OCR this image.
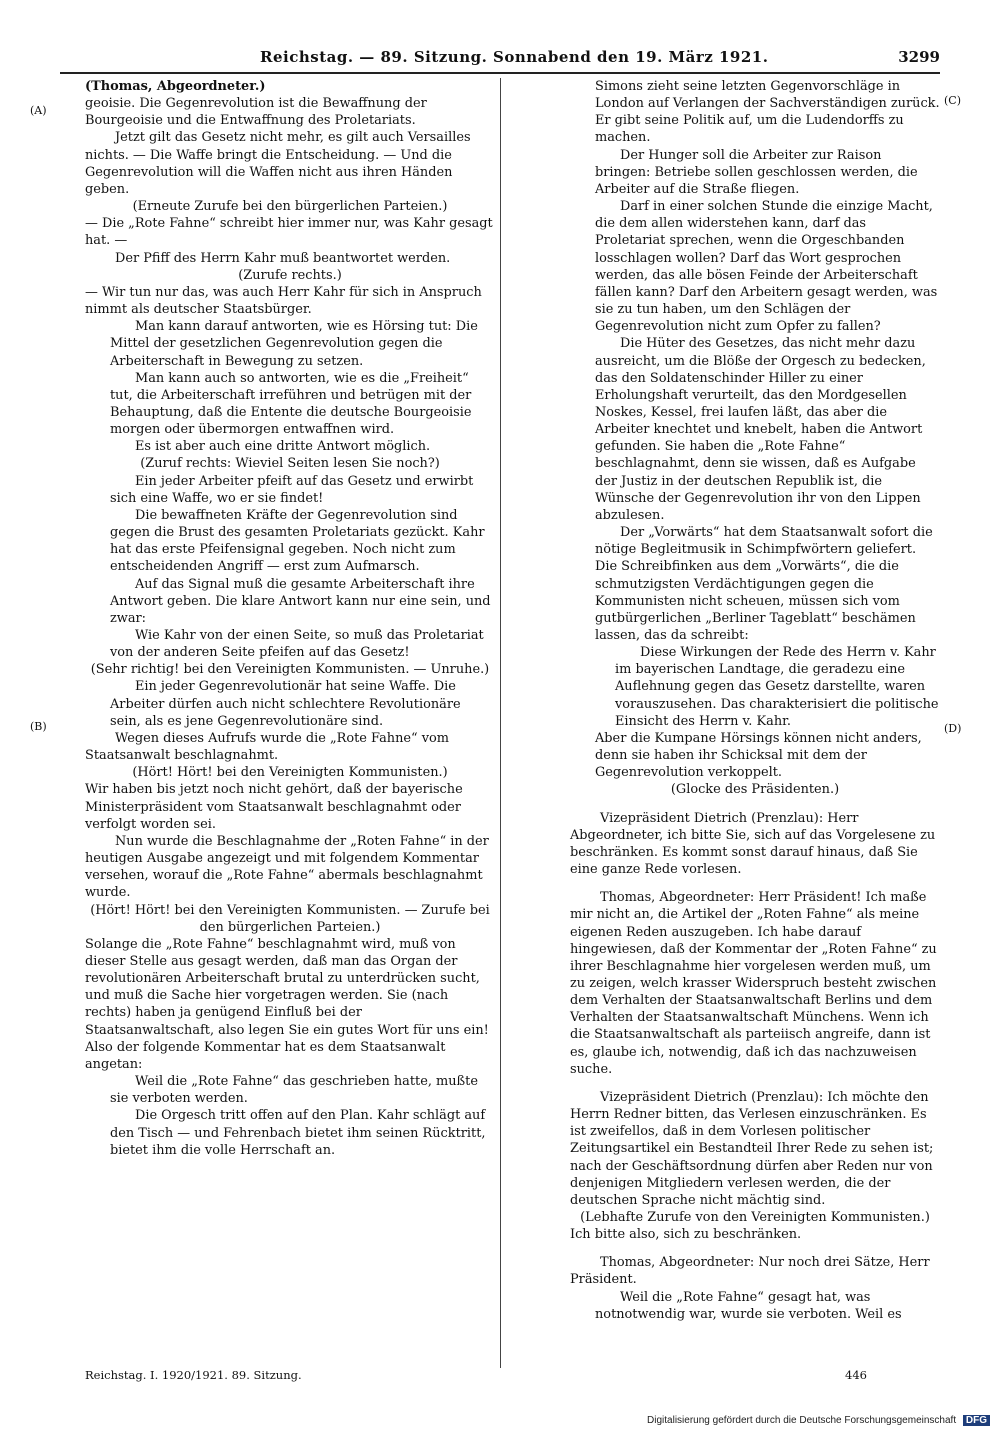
Reichstag. — 89. Sitzung. Sonnabend den 19. März 1921.	3299
(A)
(B)
(C)
(D)

(Thomas, Abgeordneter.)

geoisie. Die Gegenrevolution ist die Bewaffnung der Bourgeoisie und die Entwaffnung des Proletariats.

Jetzt gilt das Gesetz nicht mehr, es gilt auch Versailles nichts. — Die Waffe bringt die Entscheidung. — Und die Gegenrevolution will die Waffen nicht aus ihren Händen geben.

(Erneute Zurufe bei den bürgerlichen Parteien.)

— Die „Rote Fahne“ schreibt hier immer nur, was Kahr gesagt hat. —

Der Pfiff des Herrn Kahr muß beantwortet werden.

(Zurufe rechts.)

— Wir tun nur das, was auch Herr Kahr für sich in Anspruch nimmt als deutscher Staatsbürger.

Man kann darauf antworten, wie es Hörsing tut: Die Mittel der gesetzlichen Gegenrevolution gegen die Arbeiterschaft in Bewegung zu setzen.

Man kann auch so antworten, wie es die „Freiheit“ tut, die Arbeiterschaft irreführen und betrügen mit der Behauptung, daß die Entente die deutsche Bourgeoisie morgen oder übermorgen entwaffnen wird.

Es ist aber auch eine dritte Antwort möglich.

(Zuruf rechts: Wieviel Seiten lesen Sie noch?)

Ein jeder Arbeiter pfeift auf das Gesetz und erwirbt sich eine Waffe, wo er sie findet!

Die bewaffneten Kräfte der Gegenrevolution sind gegen die Brust des gesamten Proletariats gezückt. Kahr hat das erste Pfeifensignal gegeben. Noch nicht zum entscheidenden Angriff — erst zum Aufmarsch.

Auf das Signal muß die gesamte Arbeiterschaft ihre Antwort geben. Die klare Antwort kann nur eine sein, und zwar:

Wie Kahr von der einen Seite, so muß das Proletariat von der anderen Seite pfeifen auf das Gesetz!

(Sehr richtig! bei den Vereinigten Kommunisten. — Unruhe.)

Ein jeder Gegenrevolutionär hat seine Waffe. Die Arbeiter dürfen auch nicht schlechtere Revolutionäre sein, als es jene Gegenrevolutionäre sind.

Wegen dieses Aufrufs wurde die „Rote Fahne“ vom Staatsanwalt beschlagnahmt.

(Hört! Hört! bei den Vereinigten Kommunisten.)

Wir haben bis jetzt noch nicht gehört, daß der bayerische Ministerpräsident vom Staatsanwalt beschlagnahmt oder verfolgt worden sei.

Nun wurde die Beschlagnahme der „Roten Fahne“ in der heutigen Ausgabe angezeigt und mit folgendem Kommentar versehen, worauf die „Rote Fahne“ abermals beschlagnahmt wurde.

(Hört! Hört! bei den Vereinigten Kommunisten. — Zurufe bei den bürgerlichen Parteien.)

Solange die „Rote Fahne“ beschlagnahmt wird, muß von dieser Stelle aus gesagt werden, daß man das Organ der revolutionären Arbeiterschaft brutal zu unterdrücken sucht, und muß die Sache hier vorgetragen werden. Sie (nach rechts) haben ja genügend Einfluß bei der Staatsanwaltschaft, also legen Sie ein gutes Wort für uns ein! Also der folgende Kommentar hat es dem Staatsanwalt angetan:

Weil die „Rote Fahne“ das geschrieben hatte, mußte sie verboten werden.

Die Orgesch tritt offen auf den Plan. Kahr schlägt auf den Tisch — und Fehrenbach bietet ihm seinen Rücktritt, bietet ihm die volle Herrschaft an.

Simons zieht seine letzten Gegenvorschläge in London auf Verlangen der Sachverständigen zurück. Er gibt seine Politik auf, um die Ludendorffs zu machen.

Der Hunger soll die Arbeiter zur Raison bringen: Betriebe sollen geschlossen werden, die Arbeiter auf die Straße fliegen.

Darf in einer solchen Stunde die einzige Macht, die dem allen widerstehen kann, darf das Proletariat sprechen, wenn die Orgeschbanden losschlagen wollen? Darf das Wort gesprochen werden, das alle bösen Feinde der Arbeiterschaft fällen kann? Darf den Arbeitern gesagt werden, was sie zu tun haben, um den Schlägen der Gegenrevolution nicht zum Opfer zu fallen?

Die Hüter des Gesetzes, das nicht mehr dazu ausreicht, um die Blöße der Orgesch zu bedecken, das den Soldatenschinder Hiller zu einer Erholungshaft verurteilt, das den Mordgesellen Noskes, Kessel, frei laufen läßt, das aber die Arbeiter knechtet und knebelt, haben die Antwort gefunden. Sie haben die „Rote Fahne“ beschlagnahmt, denn sie wissen, daß es Aufgabe der Justiz in der deutschen Republik ist, die Wünsche der Gegenrevolution ihr von den Lippen abzulesen.

Der „Vorwärts“ hat dem Staatsanwalt sofort die nötige Begleitmusik in Schimpfwörtern geliefert. Die Schreibfinken aus dem „Vorwärts“, die die schmutzigsten Verdächtigungen gegen die Kommunisten nicht scheuen, müssen sich vom gutbürgerlichen „Berliner Tageblatt“ beschämen lassen, das da schreibt:

Diese Wirkungen der Rede des Herrn v. Kahr im bayerischen Landtage, die geradezu eine Auflehnung gegen das Gesetz darstellte, waren vorauszusehen. Das charakterisiert die politische Einsicht des Herrn v. Kahr.

Aber die Kumpane Hörsings können nicht anders, denn sie haben ihr Schicksal mit dem der Gegenrevolution verkoppelt.

(Glocke des Präsidenten.)

Vizepräsident Dietrich (Prenzlau): Herr Abgeordneter, ich bitte Sie, sich auf das Vorgelesene zu beschränken. Es kommt sonst darauf hinaus, daß Sie eine ganze Rede vorlesen.

Thomas, Abgeordneter: Herr Präsident! Ich maße mir nicht an, die Artikel der „Roten Fahne“ als meine eigenen Reden auszugeben. Ich habe darauf hingewiesen, daß der Kommentar der „Roten Fahne“ zu ihrer Beschlagnahme hier vorgelesen werden muß, um zu zeigen, welch krasser Widerspruch besteht zwischen dem Verhalten der Staatsanwaltschaft Berlins und dem Verhalten der Staatsanwaltschaft Münchens. Wenn ich die Staatsanwaltschaft als parteiisch angreife, dann ist es, glaube ich, notwendig, daß ich das nachzuweisen suche.

Vizepräsident Dietrich (Prenzlau): Ich möchte den Herrn Redner bitten, das Verlesen einzuschränken. Es ist zweifellos, daß in dem Vorlesen politischer Zeitungsartikel ein Bestandteil Ihrer Rede zu sehen ist; nach der Geschäftsordnung dürfen aber Reden nur von denjenigen Mitgliedern verlesen werden, die der deutschen Sprache nicht mächtig sind.

(Lebhafte Zurufe von den Vereinigten Kommunisten.)

Ich bitte also, sich zu beschränken.

Thomas, Abgeordneter: Nur noch drei Sätze, Herr Präsident.

Weil die „Rote Fahne“ gesagt hat, was notnotwendig war, wurde sie verboten. Weil es

Reichstag. I. 1920/1921. 89. Sitzung.	446
Digitalisierung gefördert durch die Deutsche Forschungsgemeinschaft DFG
